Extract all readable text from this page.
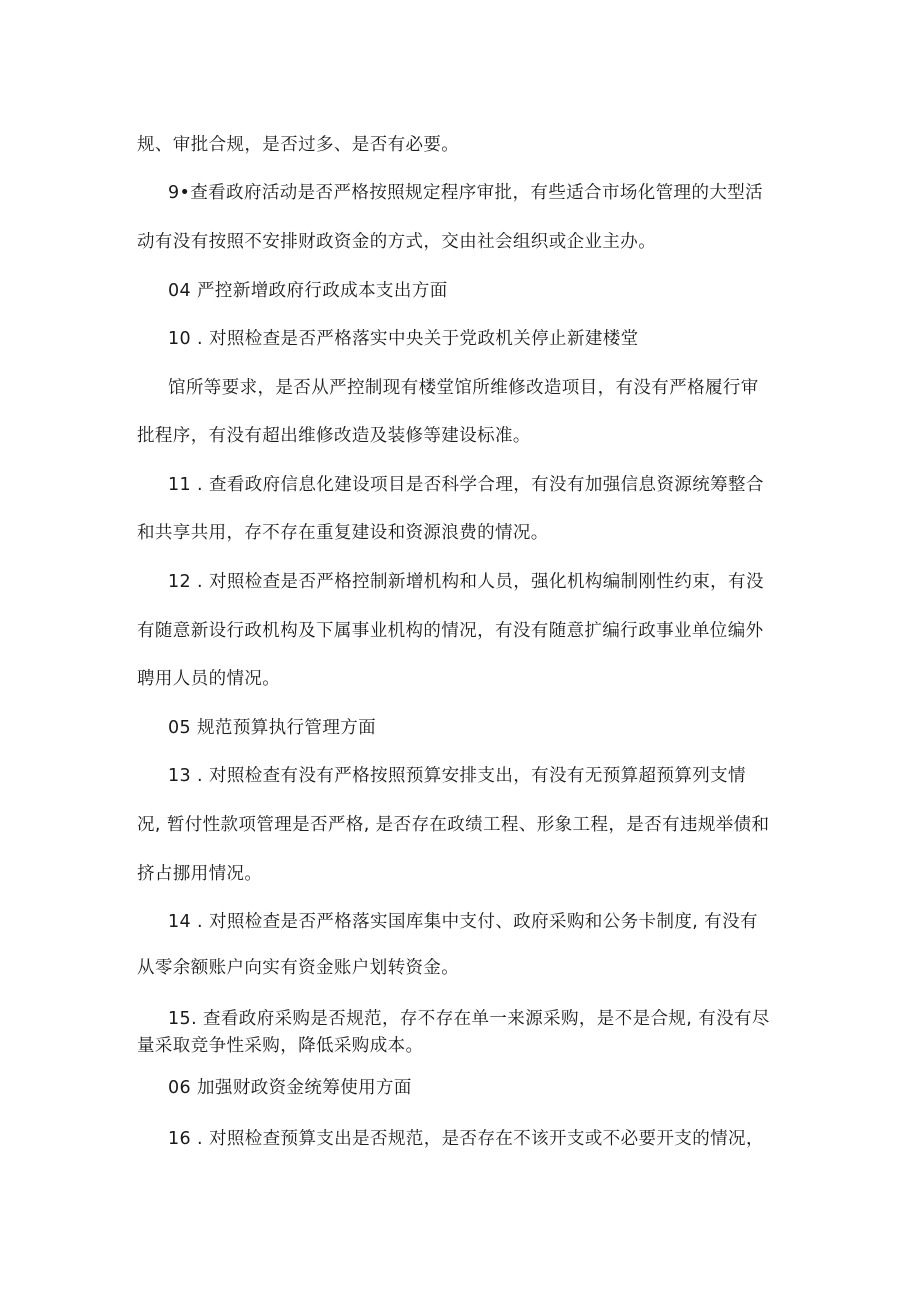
规、审批合规，是否过多、是否有必要。
9•查看政府活动是否严格按照规定程序审批，有些适合市场化管理的大型活
动有没有按照不安排财政资金的方式，交由社会组织或企业主办。
04 严控新增政府行政成本支出方面
10 . 对照检查是否严格落实中央关于党政机关停止新建楼堂
馆所等要求，是否从严控制现有楼堂馆所维修改造项目，有没有严格履行审
批程序，有没有超出维修改造及装修等建设标准。
11 . 查看政府信息化建设项目是否科学合理，有没有加强信息资源统筹整合
和共享共用，存不存在重复建设和资源浪费的情况。
12 . 对照检查是否严格控制新增机构和人员，强化机构编制刚性约束，有没
有随意新设行政机构及下属事业机构的情况，有没有随意扩编行政事业单位编外
聘用人员的情况。
05 规范预算执行管理方面
13 . 对照检查有没有严格按照预算安排支出，有没有无预算超预算列支情
况, 暂付性款项管理是否严格, 是否存在政绩工程、形象工程，是否有违规举债和
挤占挪用情况。
14 . 对照检查是否严格落实国库集中支付、政府采购和公务卡制度, 有没有
从零余额账户向实有资金账户划转资金。
15. 查看政府采购是否规范，存不存在单一来源采购，是不是合规, 有没有尽
量采取竞争性采购，降低采购成本。
06 加强财政资金统筹使用方面
16 . 对照检查预算支出是否规范，是否存在不该开支或不必要开支的情况，
